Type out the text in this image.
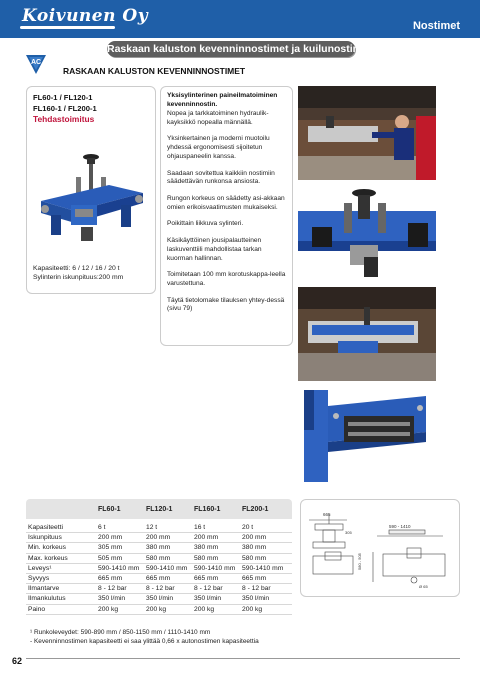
Koivunen Oy	Nostimet
Raskaan kaluston kevenninnostimet ja kuilunostimet
AC
RASKAAN KALUSTON KEVENNINNOSTIMET
FL60-1 / FL120-1
FL160-1 / FL200-1
Tehdastoimitus
Kapasiteetti: 6 / 12 / 16 / 20 t
Sylinterin iskunpituus:200 mm

Yksisylinterinen paineilmatoiminen kevenninnostin.

Nopea ja tarkkatoiminen hydraulik-kayksikkö nopealla männällä.

Yksinkertainen ja moderni muotoilu yhdessä ergonomisesti sijoitetun ohjauspaneelin kanssa.

Saadaan sovitettua kaikkiin nostimiin säädettävän runkonsa ansiosta.

Rungon korkeus on säädetty asi-akkaan omien erikoisvaatimusten mukaiseksi.

Poikittain liikkuva sylinteri.

Käsikäyttöinen jousipalautteinen laskuventtiili mahdollistaa tarkan kuorman hallinnan.

Toimitetaan 100 mm korotuskappa-leella varustettuna.

Täytä tietolomake tilauksen yhtey-dessä (sivu 79)

	FL60-1	FL120-1	FL160-1	FL200-1

Kapasiteetti	6 t	12 t	16 t	20 t
Iskunpituus	200 mm	200 mm	200 mm	200 mm
Min. korkeus	305 mm	380 mm	380 mm	380 mm
Max. korkeus	505 mm	580 mm	580 mm	580 mm
Leveys¹	590-1410 mm	590-1410 mm	590-1410 mm	590-1410 mm
Syvyys	665 mm	665 mm	665 mm	665 mm
Ilmantarve	8 - 12 bar	8 - 12 bar	8 - 12 bar	8 - 12 bar
Ilmankulutus	350 l/min	350 l/min	350 l/min	350 l/min
Paino	200 kg	200 kg	200 kg	200 kg
665
305
590 - 1410
580 - 505
Ø 65
¹ Runkoleveydet: 590-890 mm / 850-1150 mm / 1110-1410 mm
- Kevenninnostimen kapasiteetti ei saa ylittää 0,66 x autonostimen kapasiteettia
62
